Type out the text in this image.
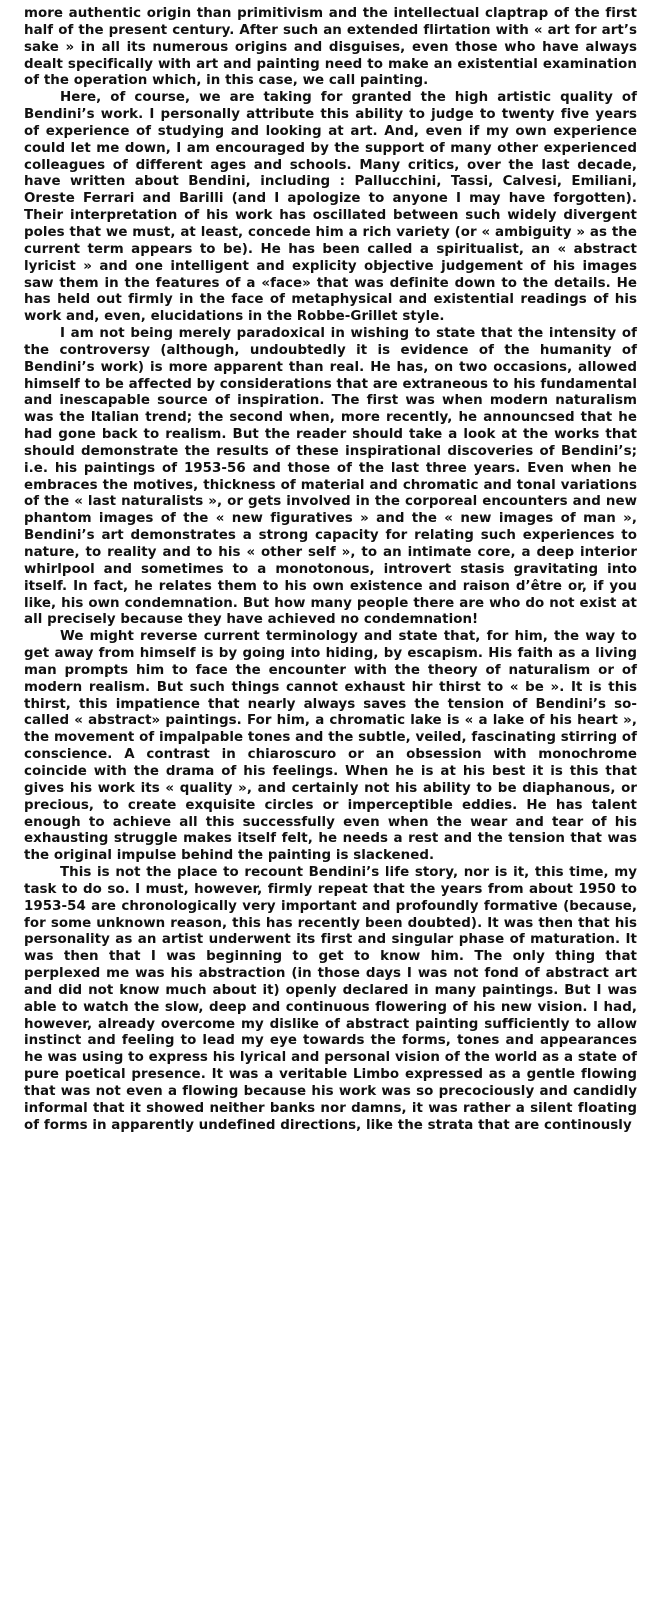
more authentic origin than primitivism and the intellectual claptrap of the first half of the present century. After such an extended flirtation with « art for art’s sake » in all its numerous origins and disguises, even those who have always dealt specifically with art and painting need to make an existential examination of the operation which, in this case, we call painting.

Here, of course, we are taking for granted the high artistic quality of Bendini’s work. I personally attribute this ability to judge to twenty five years of experience of studying and looking at art. And, even if my own experience could let me down, I am encouraged by the support of many other experienced colleagues of different ages and schools. Many critics, over the last decade, have written about Bendini, including : Pallucchini, Tassi, Calvesi, Emiliani, Oreste Ferrari and Barilli (and I apologize to anyone I may have forgotten). Their interpretation of his work has oscillated between such widely divergent poles that we must, at least, concede him a rich variety (or « ambiguity » as the current term appears to be). He has been called a spiritualist, an « abstract lyricist » and one intelligent and explicity objective judgement of his images saw them in the features of a «face» that was definite down to the details. He has held out firmly in the face of metaphysical and existential readings of his work and, even, elucidations in the Robbe-Grillet style.

I am not being merely paradoxical in wishing to state that the intensity of the controversy (although, undoubtedly it is evidence of the humanity of Bendini’s work) is more apparent than real. He has, on two occasions, allowed himself to be affected by considerations that are extraneous to his fundamental and inescapable source of inspiration. The first was when modern naturalism was the Italian trend; the second when, more recently, he announcsed that he had gone back to realism. But the reader should take a look at the works that should demonstrate the results of these inspirational discoveries of Bendini’s; i.e. his paintings of 1953-56 and those of the last three years. Even when he embraces the motives, thickness of material and chromatic and tonal variations of the « last naturalists », or gets involved in the corporeal encounters and new phantom images of the « new figuratives » and the « new images of man », Bendini’s art demonstrates a strong capacity for relating such experiences to nature, to reality and to his « other self », to an intimate core, a deep interior whirlpool and sometimes to a monotonous, introvert stasis gravitating into itself. In fact, he relates them to his own existence and raison d’être or, if you like, his own condemnation. But how many people there are who do not exist at all precisely because they have achieved no condemnation!

We might reverse current terminology and state that, for him, the way to get away from himself is by going into hiding, by escapism. His faith as a living man prompts him to face the encounter with the theory of naturalism or of modern realism. But such things cannot exhaust hir thirst to « be ». It is this thirst, this impatience that nearly always saves the tension of Bendini’s so-called « abstract» paintings. For him, a chromatic lake is « a lake of his heart », the movement of impalpable tones and the subtle, veiled, fascinating stirring of conscience. A contrast in chiaroscuro or an obsession with monochrome coincide with the drama of his feelings. When he is at his best it is this that gives his work its « quality », and certainly not his ability to be diaphanous, or precious, to create exquisite circles or imperceptible eddies. He has talent enough to achieve all this successfully even when the wear and tear of his exhausting struggle makes itself felt, he needs a rest and the tension that was the original impulse behind the painting is slackened.

This is not the place to recount Bendini’s life story, nor is it, this time, my task to do so. I must, however, firmly repeat that the years from about 1950 to 1953-54 are chronologically very important and profoundly formative (because, for some unknown reason, this has recently been doubted). It was then that his personality as an artist underwent its first and singular phase of maturation. It was then that I was beginning to get to know him. The only thing that perplexed me was his abstraction (in those days I was not fond of abstract art and did not know much about it) openly declared in many paintings. But I was able to watch the slow, deep and continuous flowering of his new vision. I had, however, already overcome my dislike of abstract painting sufficiently to allow instinct and feeling to lead my eye towards the forms, tones and appearances he was using to express his lyrical and personal vision of the world as a state of pure poetical presence. It was a veritable Limbo expressed as a gentle flowing that was not even a flowing because his work was so precociously and candidly informal that it showed neither banks nor damns, it was rather a silent floating of forms in apparently undefined directions, like the strata that are continously
